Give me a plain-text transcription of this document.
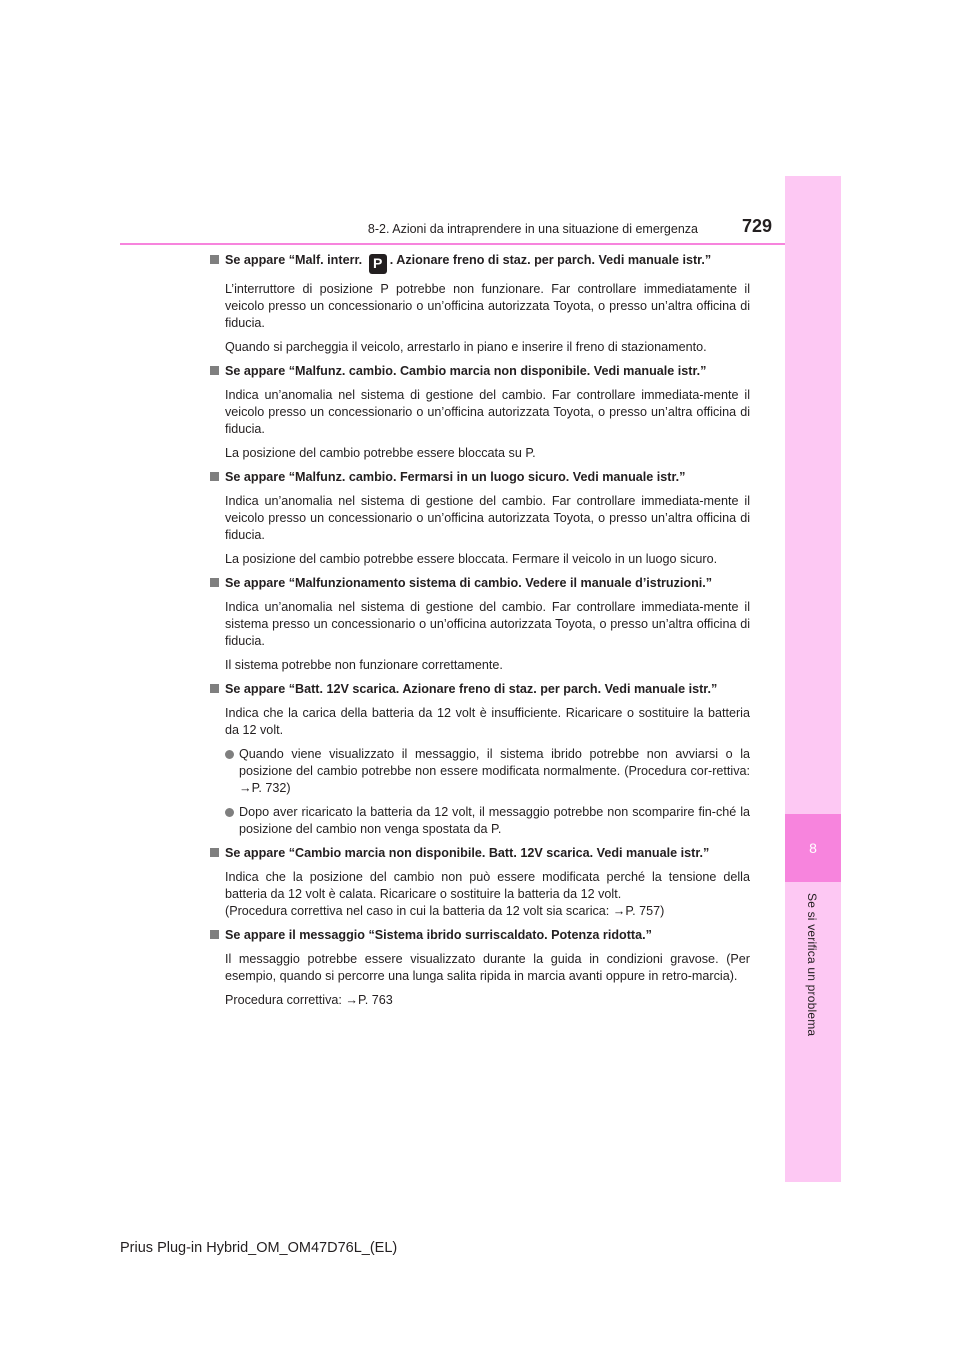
8
Se si verifica un problema
8-2. Azioni da intraprendere in una situazione di emergenza 729
Se appare “Malf. interr. P . Azionare freno di staz. per parch. Vedi manuale istr.”

L’interruttore di posizione P potrebbe non funzionare. Far controllare immediatamente il veicolo presso un concessionario o un’officina autorizzata Toyota, o presso un’altra officina di fiducia.

Quando si parcheggia il veicolo, arrestarlo in piano e inserire il freno di stazionamento.

Se appare “Malfunz. cambio. Cambio marcia non disponibile. Vedi manuale istr.”

Indica un’anomalia nel sistema di gestione del cambio. Far controllare immediata-mente il veicolo presso un concessionario o un’officina autorizzata Toyota, o presso un’altra officina di fiducia.

La posizione del cambio potrebbe essere bloccata su P.

Se appare “Malfunz. cambio. Fermarsi in un luogo sicuro. Vedi manuale istr.”

Indica un’anomalia nel sistema di gestione del cambio. Far controllare immediata-mente il veicolo presso un concessionario o un’officina autorizzata Toyota, o presso un’altra officina di fiducia.

La posizione del cambio potrebbe essere bloccata. Fermare il veicolo in un luogo sicuro.

Se appare “Malfunzionamento sistema di cambio. Vedere il manuale d’istruzioni.”

Indica un’anomalia nel sistema di gestione del cambio. Far controllare immediata-mente il sistema presso un concessionario o un’officina autorizzata Toyota, o presso un’altra officina di fiducia.

Il sistema potrebbe non funzionare correttamente.

Se appare “Batt. 12V scarica. Azionare freno di staz. per parch. Vedi manuale istr.”

Indica che la carica della batteria da 12 volt è insufficiente. Ricaricare o sostituire la batteria da 12 volt.

Quando viene visualizzato il messaggio, il sistema ibrido potrebbe non avviarsi o la posizione del cambio potrebbe non essere modificata normalmente. (Procedura cor-rettiva: →P. 732)
Dopo aver ricaricato la batteria da 12 volt, il messaggio potrebbe non scomparire fin-ché la posizione del cambio non venga spostata da P.
Se appare “Cambio marcia non disponibile. Batt. 12V scarica. Vedi manuale istr.”

Indica che la posizione del cambio non può essere modificata perché la tensione della batteria da 12 volt è calata. Ricaricare o sostituire la batteria da 12 volt.

(Procedura correttiva nel caso in cui la batteria da 12 volt sia scarica: →P. 757)

Se appare il messaggio “Sistema ibrido surriscaldato. Potenza ridotta.”

Il messaggio potrebbe essere visualizzato durante la guida in condizioni gravose. (Per esempio, quando si percorre una lunga salita ripida in marcia avanti oppure in retro-marcia).

Procedura correttiva: →P. 763

Prius Plug-in Hybrid_OM_OM47D76L_(EL)
